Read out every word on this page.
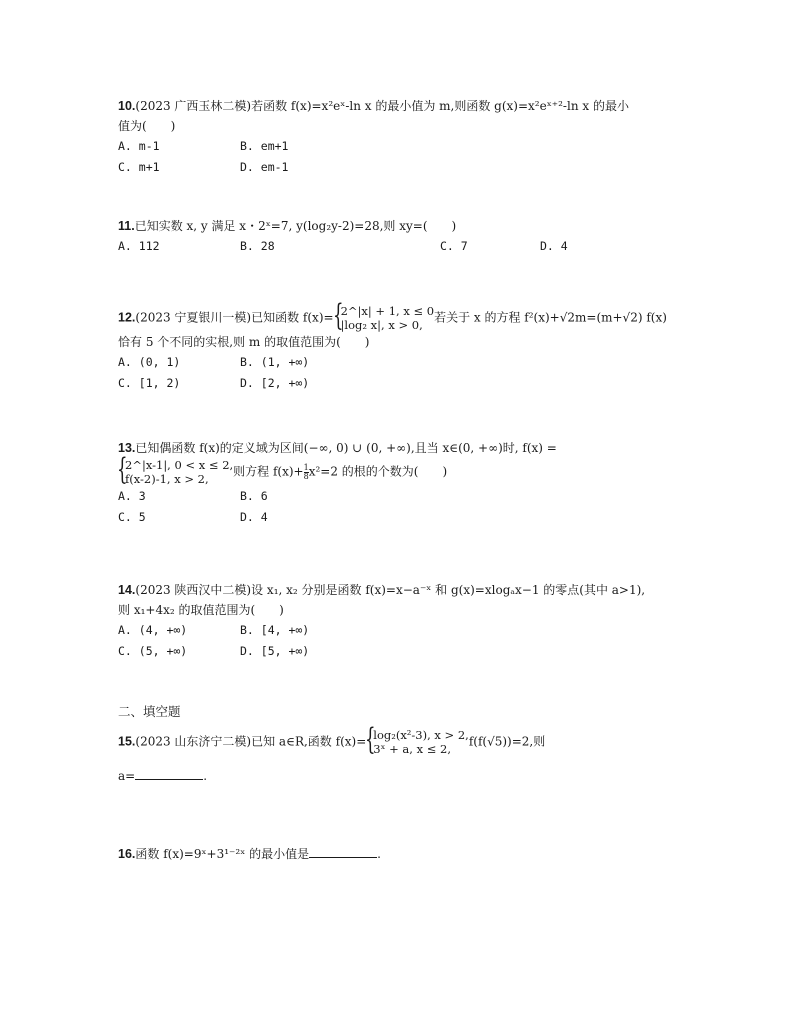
10.(2023 广西玉林二模)若函数 f(x)=x²eˣ-ln x 的最小值为 m,则函数 g(x)=x²eˣ⁺²-ln x 的最小
值为(　　)
A. m-1	B. em+1
C. m+1	D. em-1
11.已知实数 x, y 满足 x・2ˣ=7, y(log₂y-2)=28,则 xy=(　　)
A. 112	B. 28	C. 7	D. 4
12.(2023 宁夏银川一模)已知函数 f(x)= { 2^|x| + 1, x ≤ 0
|log₂ x|, x > 0,
若关于 x 的方程 f²(x)+√2m=(m+√2) f(x)
恰有 5 个不同的实根,则 m 的取值范围为(　　)
A. (0, 1)	B. (1, +∞)
C. [1, 2)	D. [2, +∞)
13.已知偶函数 f(x)的定义域为区间(−∞, 0) ∪ (0, +∞),且当 x∈(0, +∞)时, f(x) =
{ 2^|x-1|, 0 < x ≤ 2,
f(x-2)-1, x > 2,
则方程 $f(x)+ \frac{1}{8} x^2=2$ 的根的个数为(　　)
A. 3	B. 6
C. 5	D. 4
14.(2023 陕西汉中二模)设 x₁, x₂ 分别是函数 f(x)=x−a⁻ˣ 和 g(x)=xlogₐx−1 的零点(其中 a>1),
则 x₁+4x₂ 的取值范围为(　　)
A. (4, +∞)	B. [4, +∞)
C. (5, +∞)	D. [5, +∞)
二、填空题
15.(2023 山东济宁二模)已知 a∈R,函数 f(x)= { log₂(x²-3), x > 2,
3ˣ + a, x ≤ 2,
f(f(√5))=2,则
a=	.
16.函数 f(x)=9ˣ+3¹⁻²ˣ 的最小值是	.
